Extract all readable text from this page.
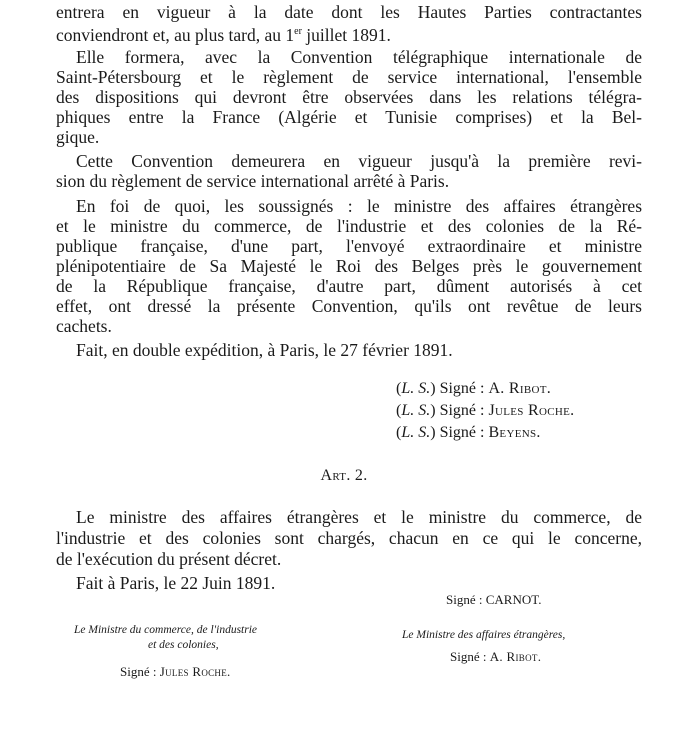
entrera en vigueur à la date dont les Hautes Parties contractantes
conviendront et, au plus tard, au 1er juillet 1891.
Elle formera, avec la Convention télégraphique internationale de
Saint-Pétersbourg et le règlement de service international, l'ensemble
des dispositions qui devront être observées dans les relations télégra-
phiques entre la France (Algérie et Tunisie comprises) et la Bel-
gique.
Cette Convention demeurera en vigueur jusqu'à la première revi-
sion du règlement de service international arrêté à Paris.
En foi de quoi, les soussignés : le ministre des affaires étrangères
et le ministre du commerce, de l'industrie et des colonies de la Ré-
publique française, d'une part, l'envoyé extraordinaire et ministre
plénipotentiaire de Sa Majesté le Roi des Belges près le gouvernement
de la République française, d'autre part, dûment autorisés à cet
effet, ont dressé la présente Convention, qu'ils ont revêtue de leurs
cachets.
Fait, en double expédition, à Paris, le 27 février 1891.
(L. S.) Signé : A. Ribot.
(L. S.) Signé : Jules Roche.
(L. S.) Signé : Beyens.
Art. 2.
Le ministre des affaires étrangères et le ministre du commerce, de
l'industrie et des colonies sont chargés, chacun en ce qui le concerne,
de l'exécution du présent décret.
Fait à Paris, le 22 Juin 1891.
Signé : CARNOT.
Le Ministre du commerce, de l'industrie
et des colonies,
Signé : Jules Roche.
Le Ministre des affaires étrangères,
Signé : A. Ribot.
